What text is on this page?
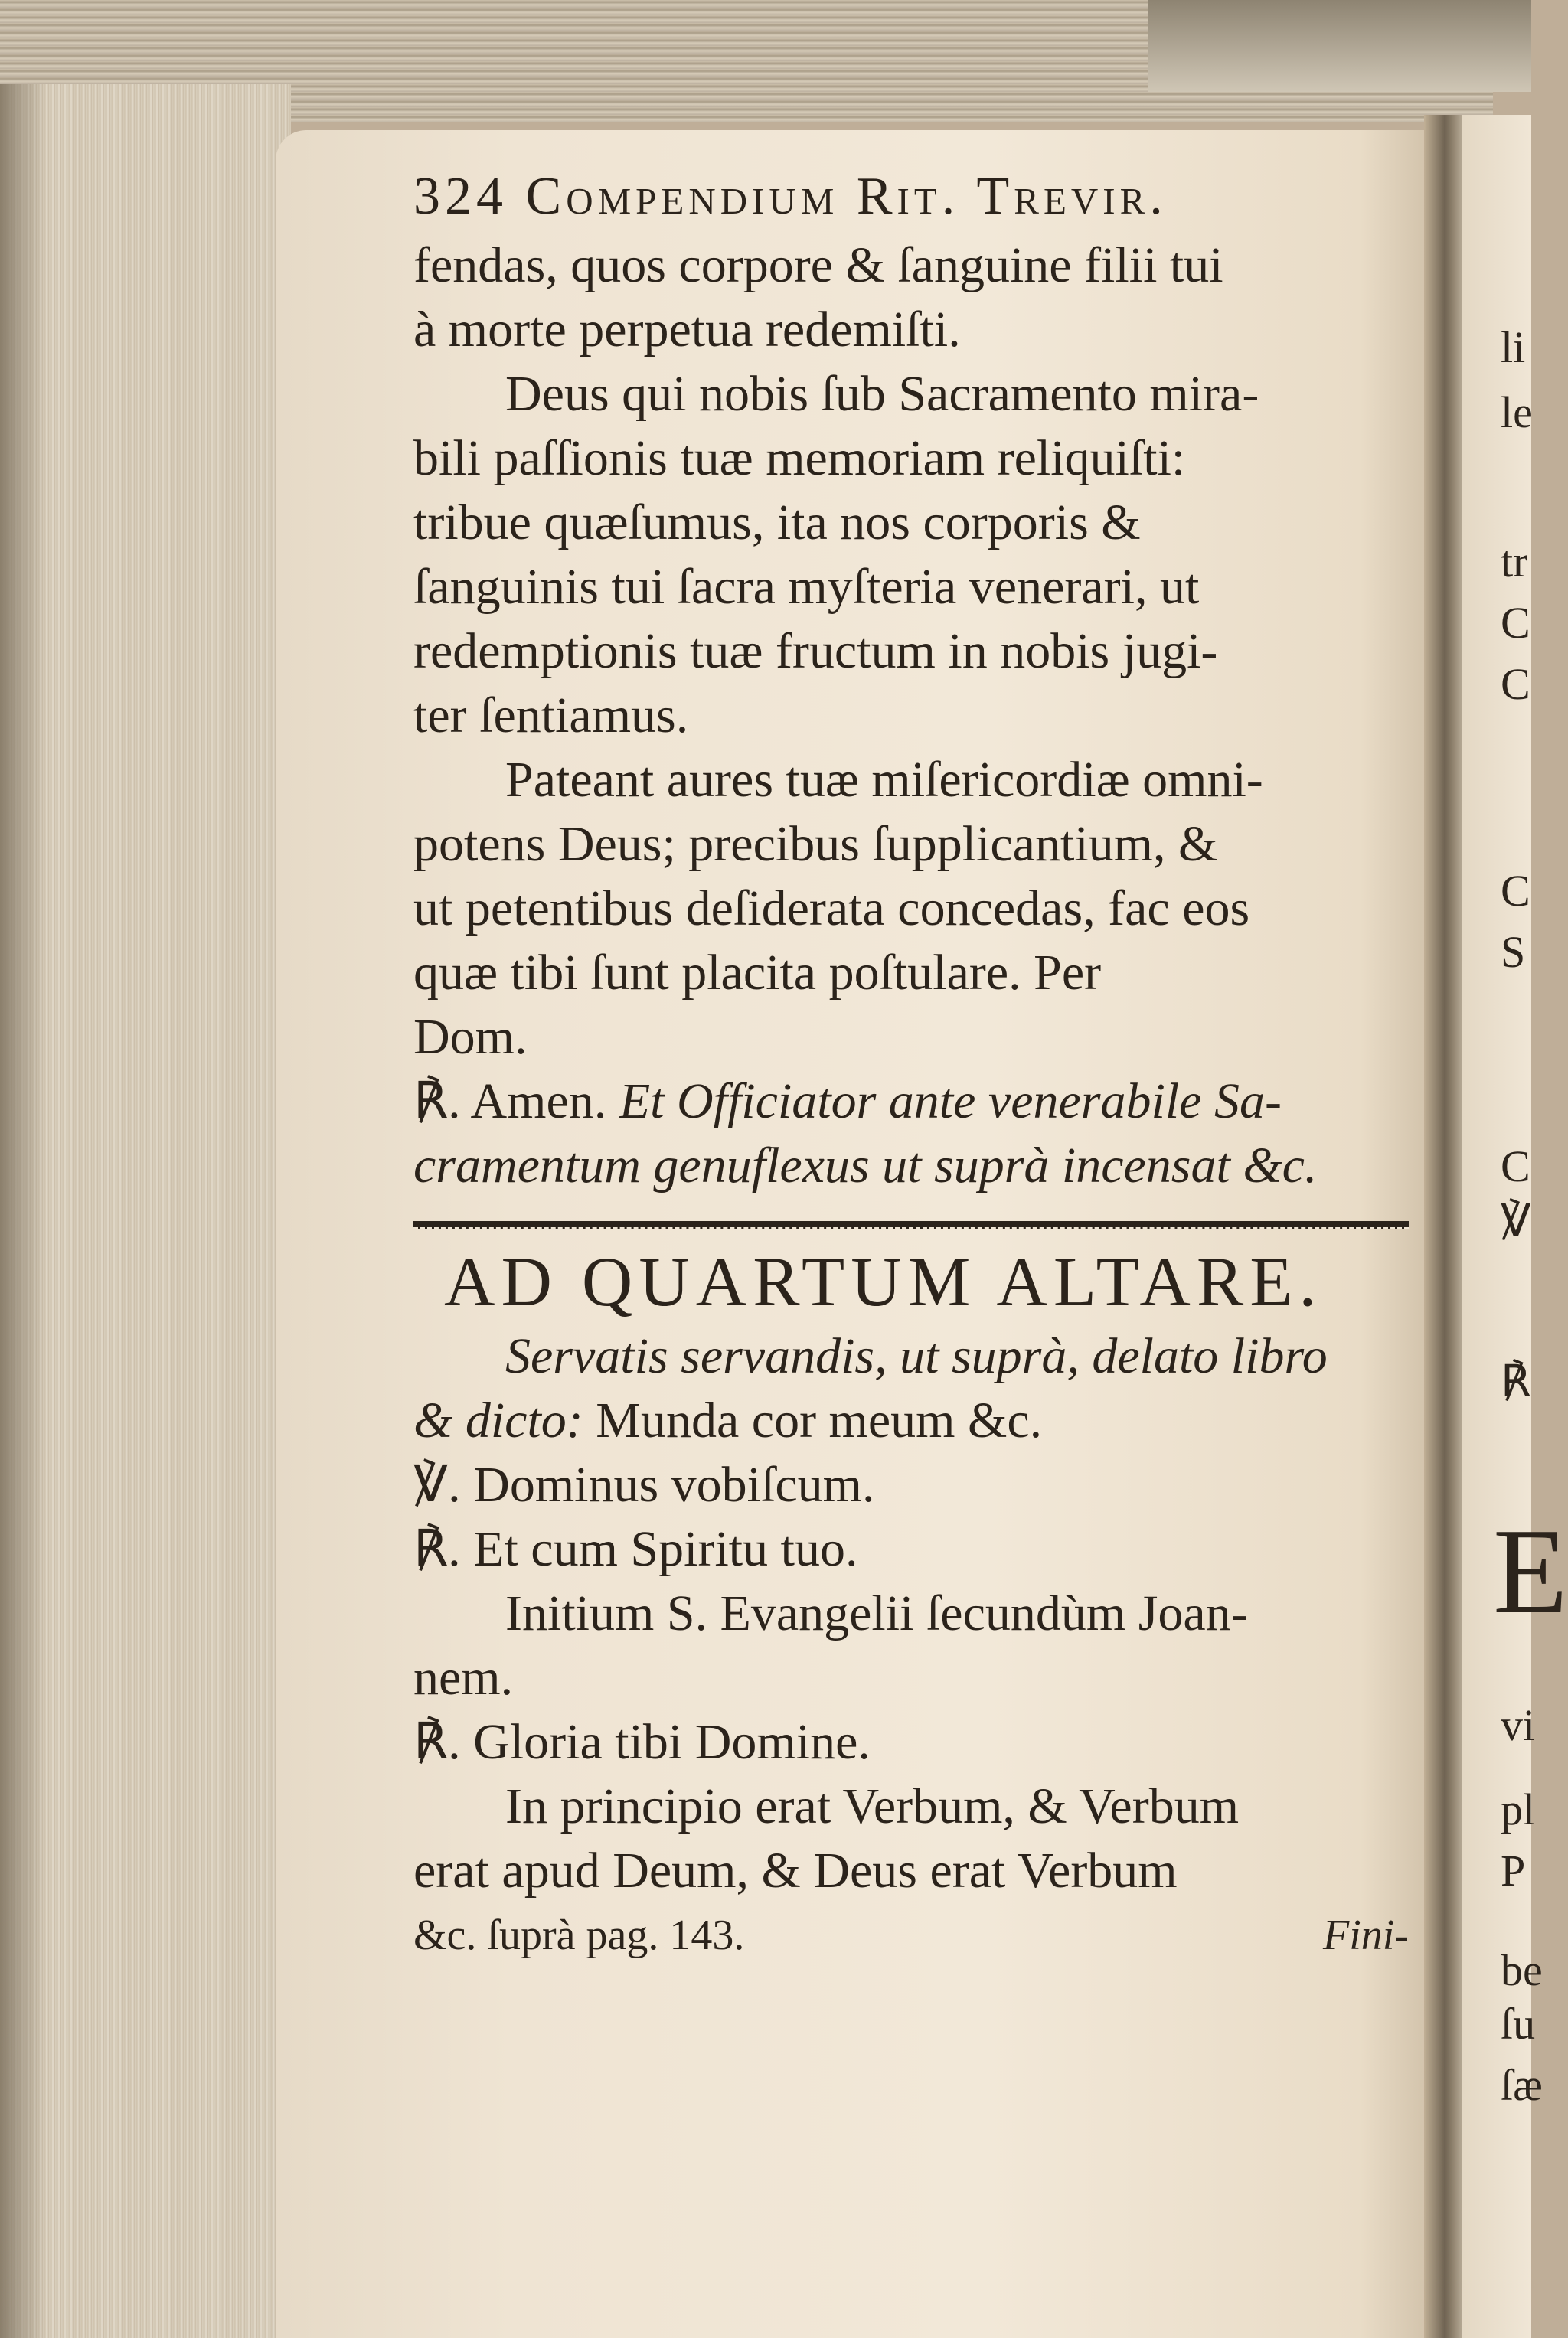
li
le
tr
C
C
C
S
C
℣
℟
E
vi
pl
P
be
ſu
ſæ
324 Compendium Rit. Trevir.
fendas, quos corpore & ſanguine filii tui
à morte perpetua redemiſti.
Deus qui nobis ſub Sacramento mira-
bili paſſionis tuæ memoriam reliquiſti:
tribue quæſumus, ita nos corporis &
ſanguinis tui ſacra myſteria venerari, ut
redemptionis tuæ fructum in nobis jugi-
ter ſentiamus.
Pateant aures tuæ miſericordiæ omni-
potens Deus; precibus ſupplicantium, &
ut petentibus deſiderata concedas, fac eos
quæ tibi ſunt placita poſtulare. Per
Dom.
℟. Amen. Et Officiator ante venerabile Sa-
cramentum genuflexus ut suprà incensat &c.
AD QUARTUM ALTARE.
Servatis servandis, ut suprà, delato libro
& dicto: Munda cor meum &c.
℣. Dominus vobiſcum.
℟. Et cum Spiritu tuo.
Initium S. Evangelii ſecundùm Joan-
nem.
℟. Gloria tibi Domine.
In principio erat Verbum, & Verbum
erat apud Deum, & Deus erat Verbum
&c. ſuprà pag. 143.	Fini-
